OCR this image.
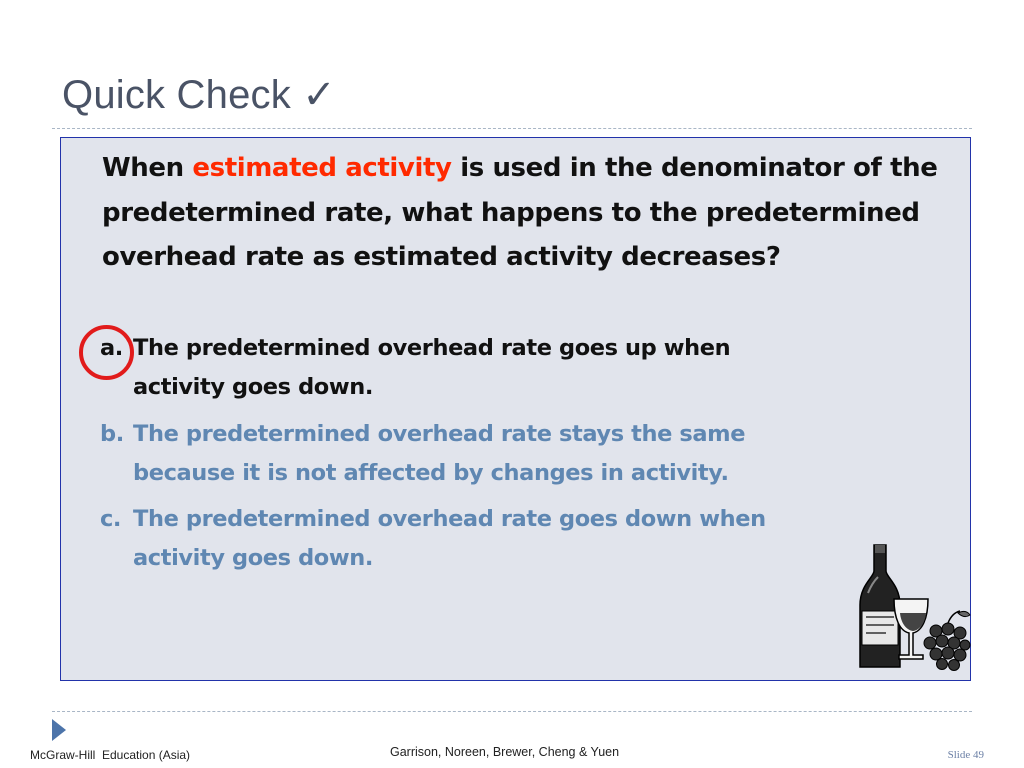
Quick Check ✓
When estimated activity is used in the denominator of the predetermined rate, what happens to the predetermined overhead rate as estimated activity decreases?
a. The predetermined overhead rate goes up when
activity goes down.
b. The predetermined overhead rate stays the same
because it is not affected by changes in activity.
c. The predetermined overhead rate goes down when
activity goes down.
McGraw-Hill  Education (Asia)	Garrison, Noreen, Brewer, Cheng & Yuen	Slide 49
